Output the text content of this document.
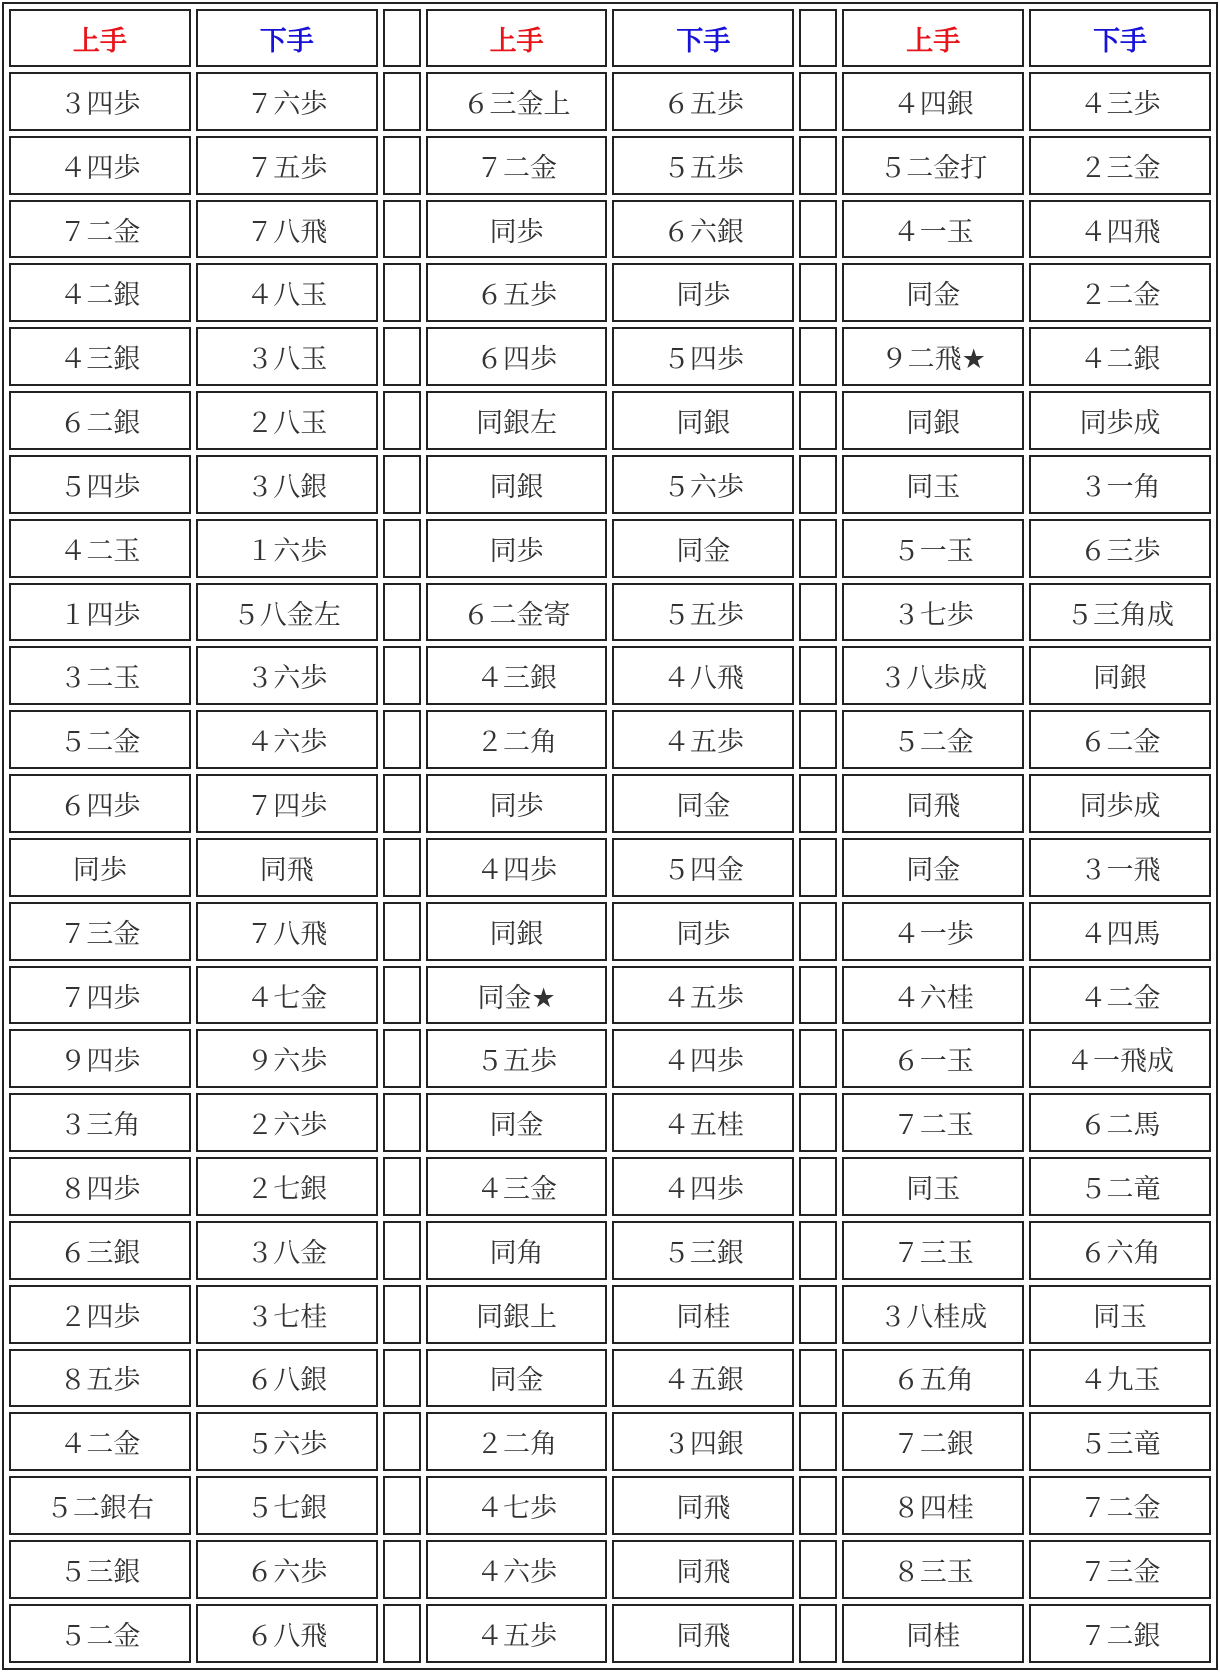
上手	下手		上手	下手		上手	下手
３四歩	７六歩		６三金上	６五歩		４四銀	４三歩
４四歩	７五歩		７二金	５五歩		５二金打	２三金
７二金	７八飛		同歩	６六銀		４一玉	４四飛
４二銀	４八玉		６五歩	同歩		同金	２二金
４三銀	３八玉		６四歩	５四歩		９二飛★	４二銀
６二銀	２八玉		同銀左	同銀		同銀	同歩成
５四歩	３八銀		同銀	５六歩		同玉	３一角
４二玉	１六歩		同歩	同金		５一玉	６三歩
１四歩	５八金左		６二金寄	５五歩		３七歩	５三角成
３二玉	３六歩		４三銀	４八飛		３八歩成	同銀
５二金	４六歩		２二角	４五歩		５二金	６二金
６四歩	７四歩		同歩	同金		同飛	同歩成
同歩	同飛		４四歩	５四金		同金	３一飛
７三金	７八飛		同銀	同歩		４一歩	４四馬
７四歩	４七金		同金★	４五歩		４六桂	４二金
９四歩	９六歩		５五歩	４四歩		６一玉	４一飛成
３三角	２六歩		同金	４五桂		７二玉	６二馬
８四歩	２七銀		４三金	４四歩		同玉	５二竜
６三銀	３八金		同角	５三銀		７三玉	６六角
２四歩	３七桂		同銀上	同桂		３八桂成	同玉
８五歩	６八銀		同金	４五銀		６五角	４九玉
４二金	５六歩		２二角	３四銀		７二銀	５三竜
５二銀右	５七銀		４七歩	同飛		８四桂	７二金
５三銀	６六歩		４六歩	同飛		８三玉	７三金
５二金	６八飛		４五歩	同飛		同桂	７二銀
